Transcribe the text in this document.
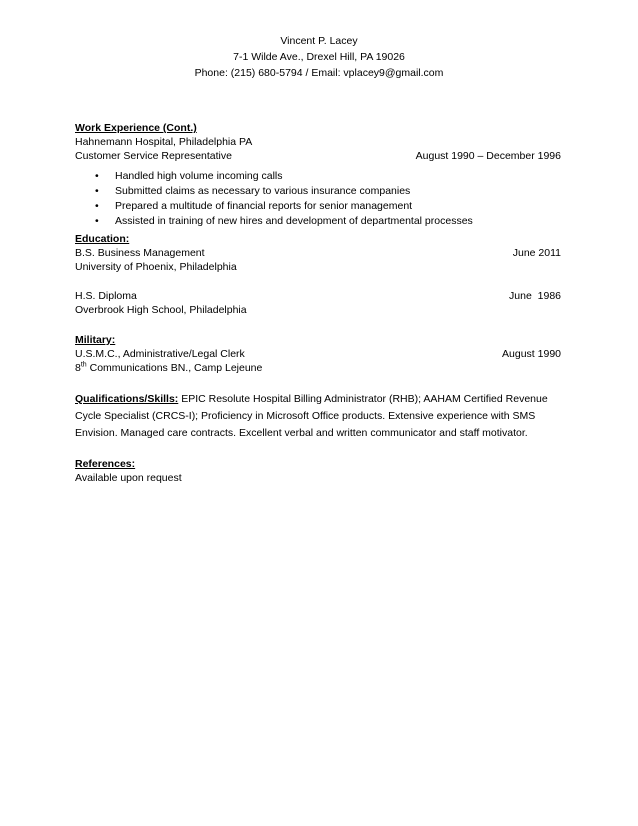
Vincent P. Lacey
7-1 Wilde Ave., Drexel Hill, PA 19026
Phone: (215) 680-5794 / Email: vplacey9@gmail.com
Work Experience (Cont.)
Hahnemann Hospital, Philadelphia PA
Customer Service Representative	August 1990 – December 1996
• Handled high volume incoming calls
• Submitted claims as necessary to various insurance companies
• Prepared a multitude of financial reports for senior management
• Assisted in training of new hires and development of departmental processes
Education:
B.S. Business Management	June 2011
University of Phoenix, Philadelphia
H.S. Diploma	June  1986
Overbrook High School, Philadelphia
Military:
U.S.M.C., Administrative/Legal Clerk	August 1990
8th Communications BN., Camp Lejeune
Qualifications/Skills: EPIC Resolute Hospital Billing Administrator (RHB); AAHAM Certified Revenue Cycle Specialist (CRCS-I); Proficiency in Microsoft Office products. Extensive experience with SMS Envision. Managed care contracts. Excellent verbal and written communicator and staff motivator.
References:
Available upon request
